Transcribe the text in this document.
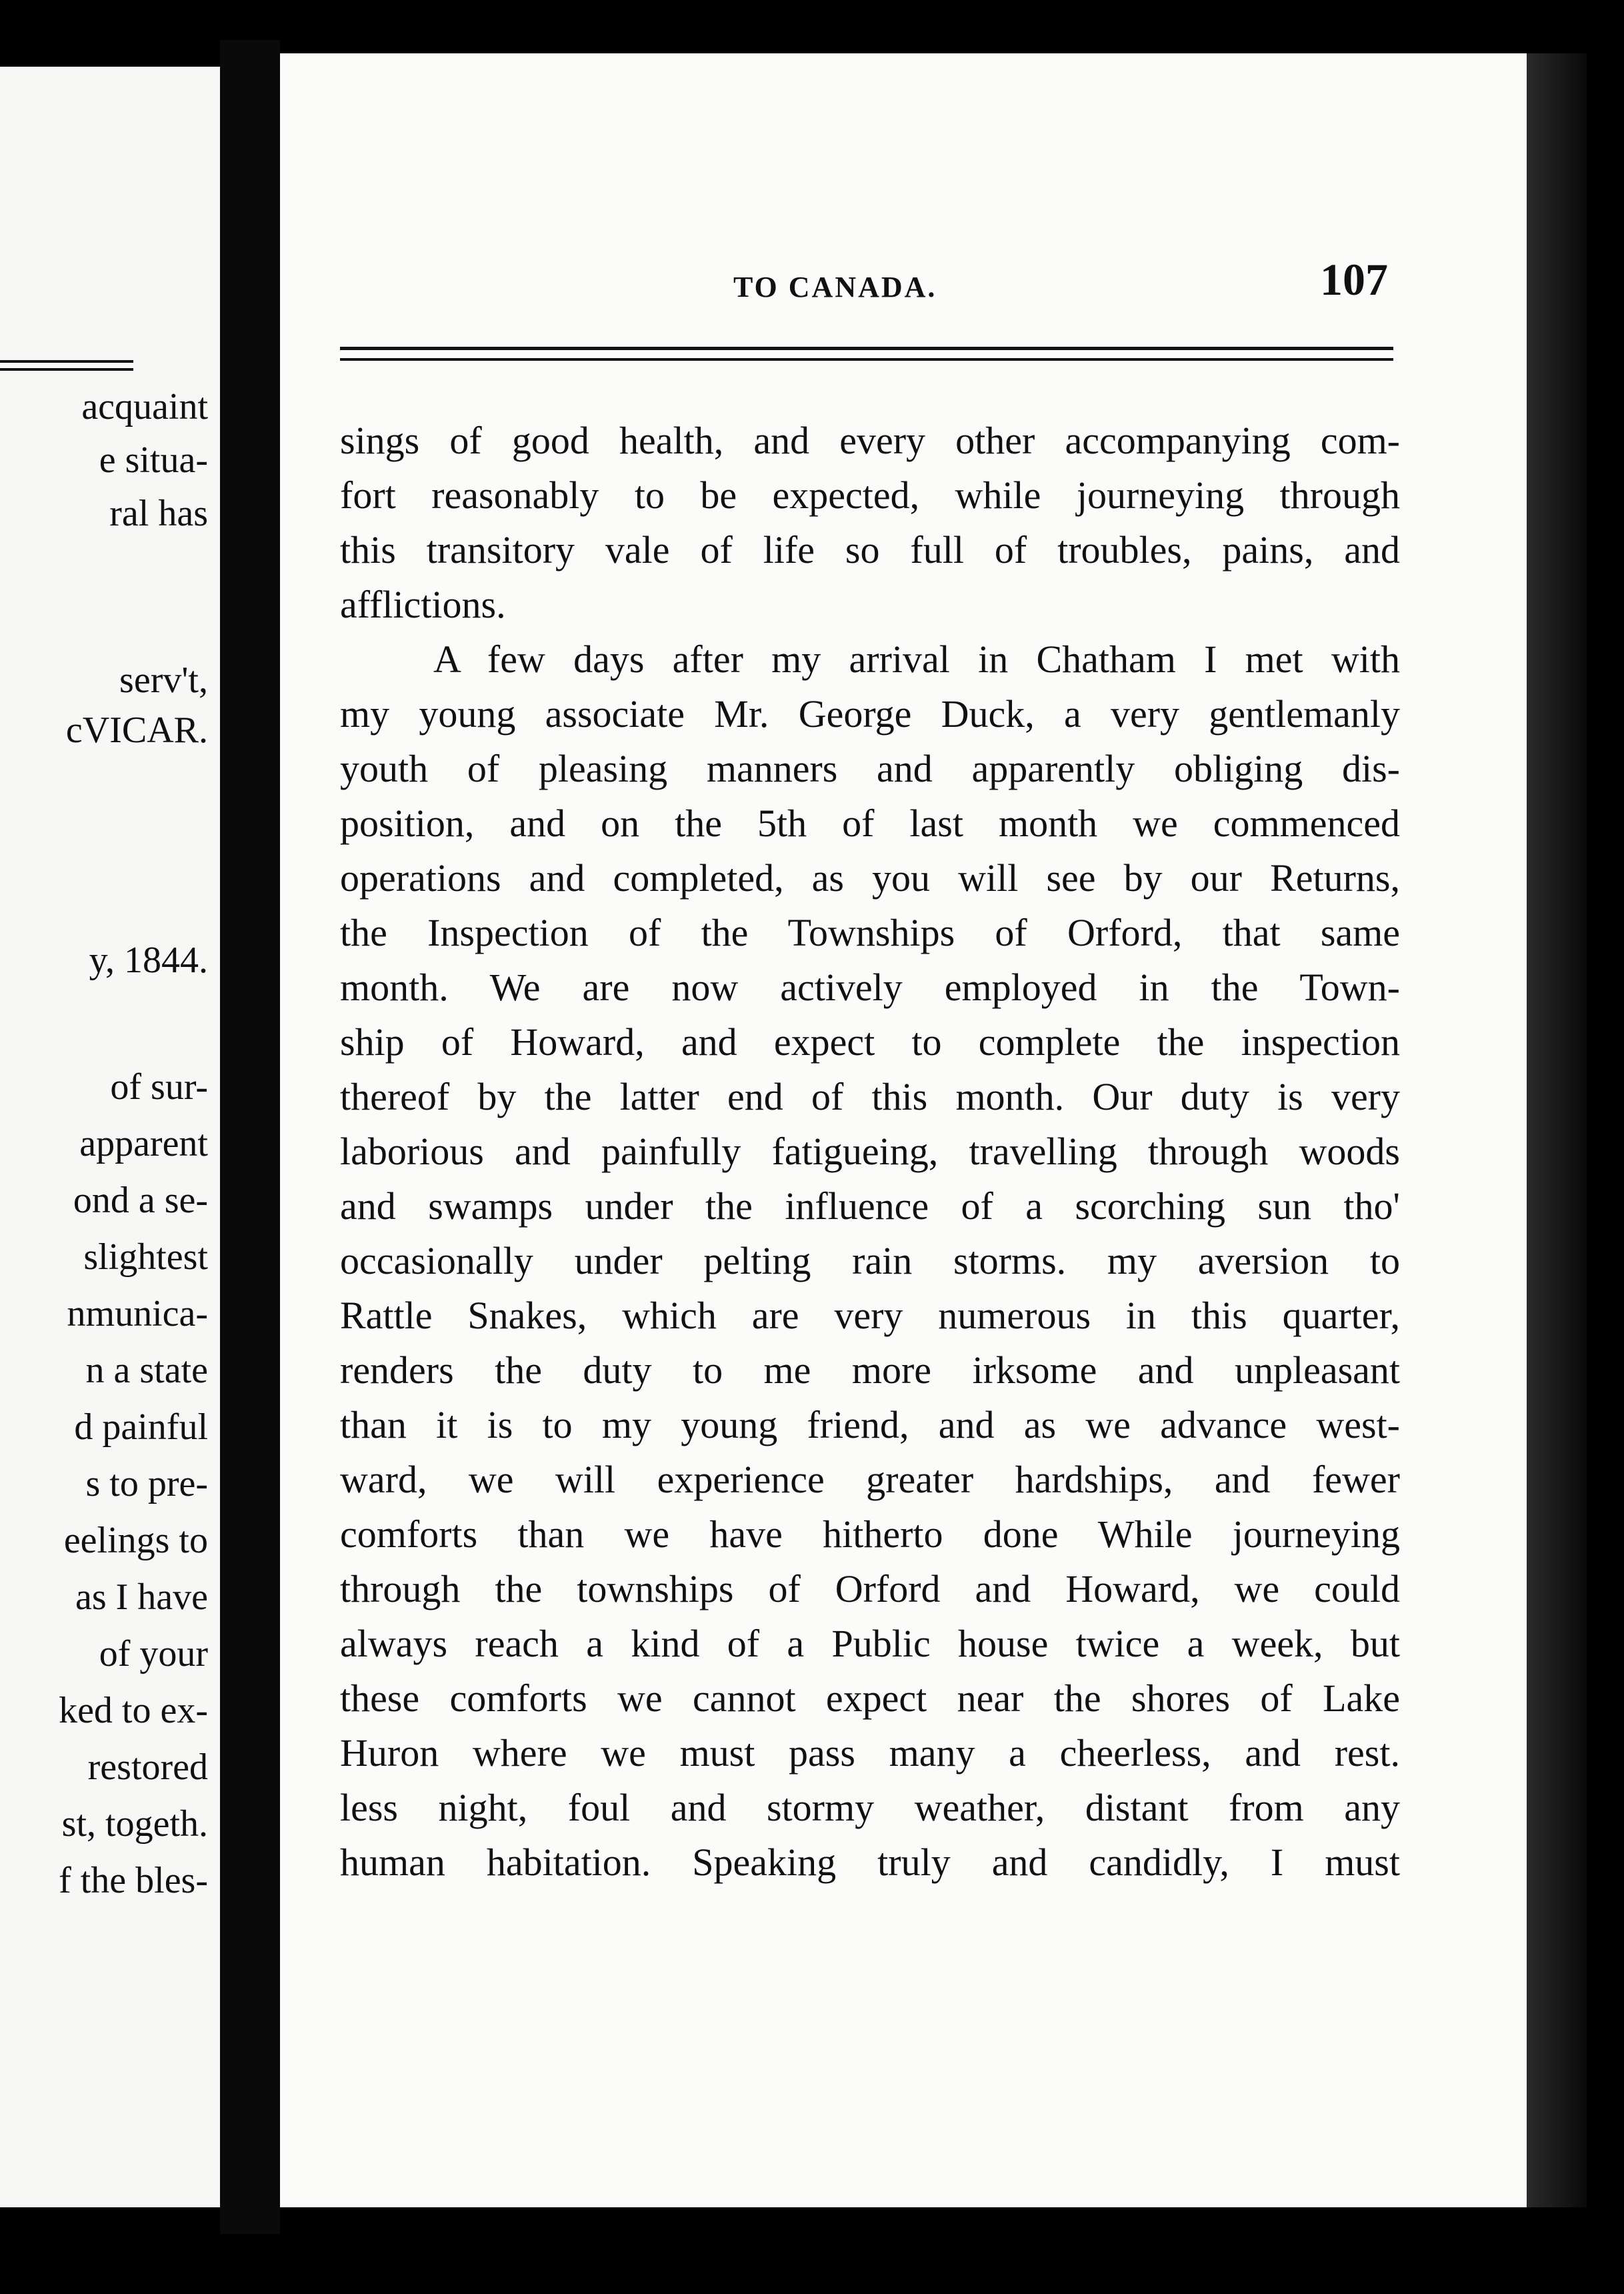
acquaint
e situa-
ral has
serv't,
cVICAR.
y, 1844.
of sur-
apparent
ond a se-
slightest
nmunica-
n a state
d painful
s to pre-
eelings to
as I have
of your
ked to ex-
restored
st, togeth.
f the bles-
TO CANADA.	107
sings of good health, and every other accompanying com-
fort reasonably to be expected, while journeying through
this transitory vale of life so full of troubles, pains, and
afflictions.
A few days after my arrival in Chatham I met with
my young associate Mr. George Duck, a very gentlemanly
youth of pleasing manners and apparently obliging dis-
position, and on the 5th of last month we commenced
operations and completed, as you will see by our Returns,
the Inspection of the Townships of Orford, that same
month. We are now actively employed in the Town-
ship of Howard, and expect to complete the inspection
thereof by the latter end of this month. Our duty is very
laborious and painfully fatigueing, travelling through woods
and swamps under the influence of a scorching sun tho'
occasionally under pelting rain storms. my aversion to
Rattle Snakes, which are very numerous in this quarter,
renders the duty to me more irksome and unpleasant
than it is to my young friend, and as we advance west-
ward, we will experience greater hardships, and fewer
comforts than we have hitherto done While journeying
through the townships of Orford and Howard, we could
always reach a kind of a Public house twice a week, but
these comforts we cannot expect near the shores of Lake
Huron where we must pass many a cheerless, and rest.
less night, foul and stormy weather, distant from any
human habitation. Speaking truly and candidly, I must
